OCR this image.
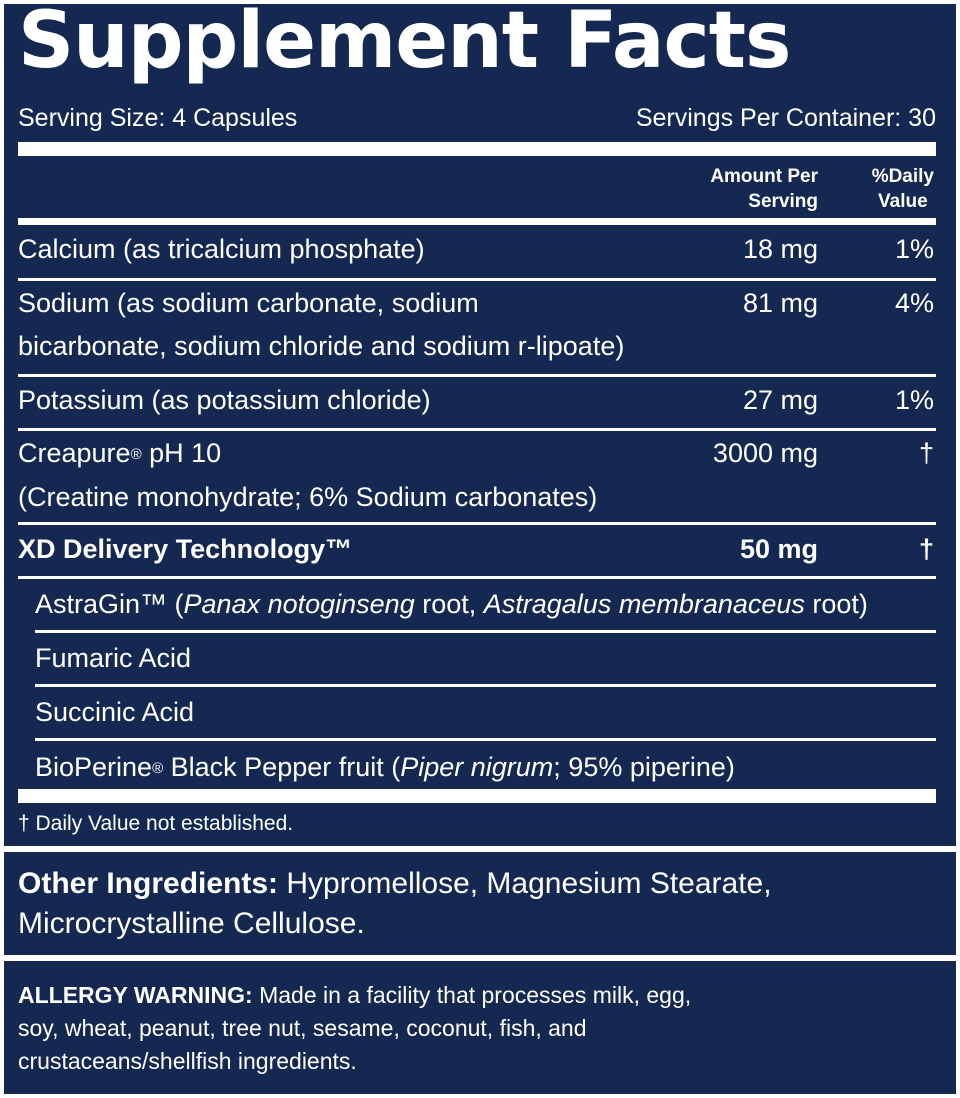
Supplement Facts
Serving Size: 4 Capsules	Servings Per Container: 30
Amount Per
Serving
%Daily
Value
Calcium (as tricalcium phosphate)	18 mg	1%
Sodium (as sodium carbonate, sodium
bicarbonate, sodium chloride and sodium r-lipoate)
81 mg	4%
Potassium (as potassium chloride)	27 mg	1%
Creapure® pH 10
(Creatine monohydrate; 6% Sodium carbonates)
3000 mg	†
XD Delivery Technology™	50 mg	†
AstraGin™ (Panax notoginseng root, Astragalus membranaceus root)
Fumaric Acid
Succinic Acid
BioPerine® Black Pepper fruit (Piper nigrum; 95% piperine)
† Daily Value not established.
Other Ingredients: Hypromellose, Magnesium Stearate,
Microcrystalline Cellulose.
ALLERGY WARNING: Made in a facility that processes milk, egg,
soy, wheat, peanut, tree nut, sesame, coconut, fish, and
crustaceans/shellfish ingredients.
